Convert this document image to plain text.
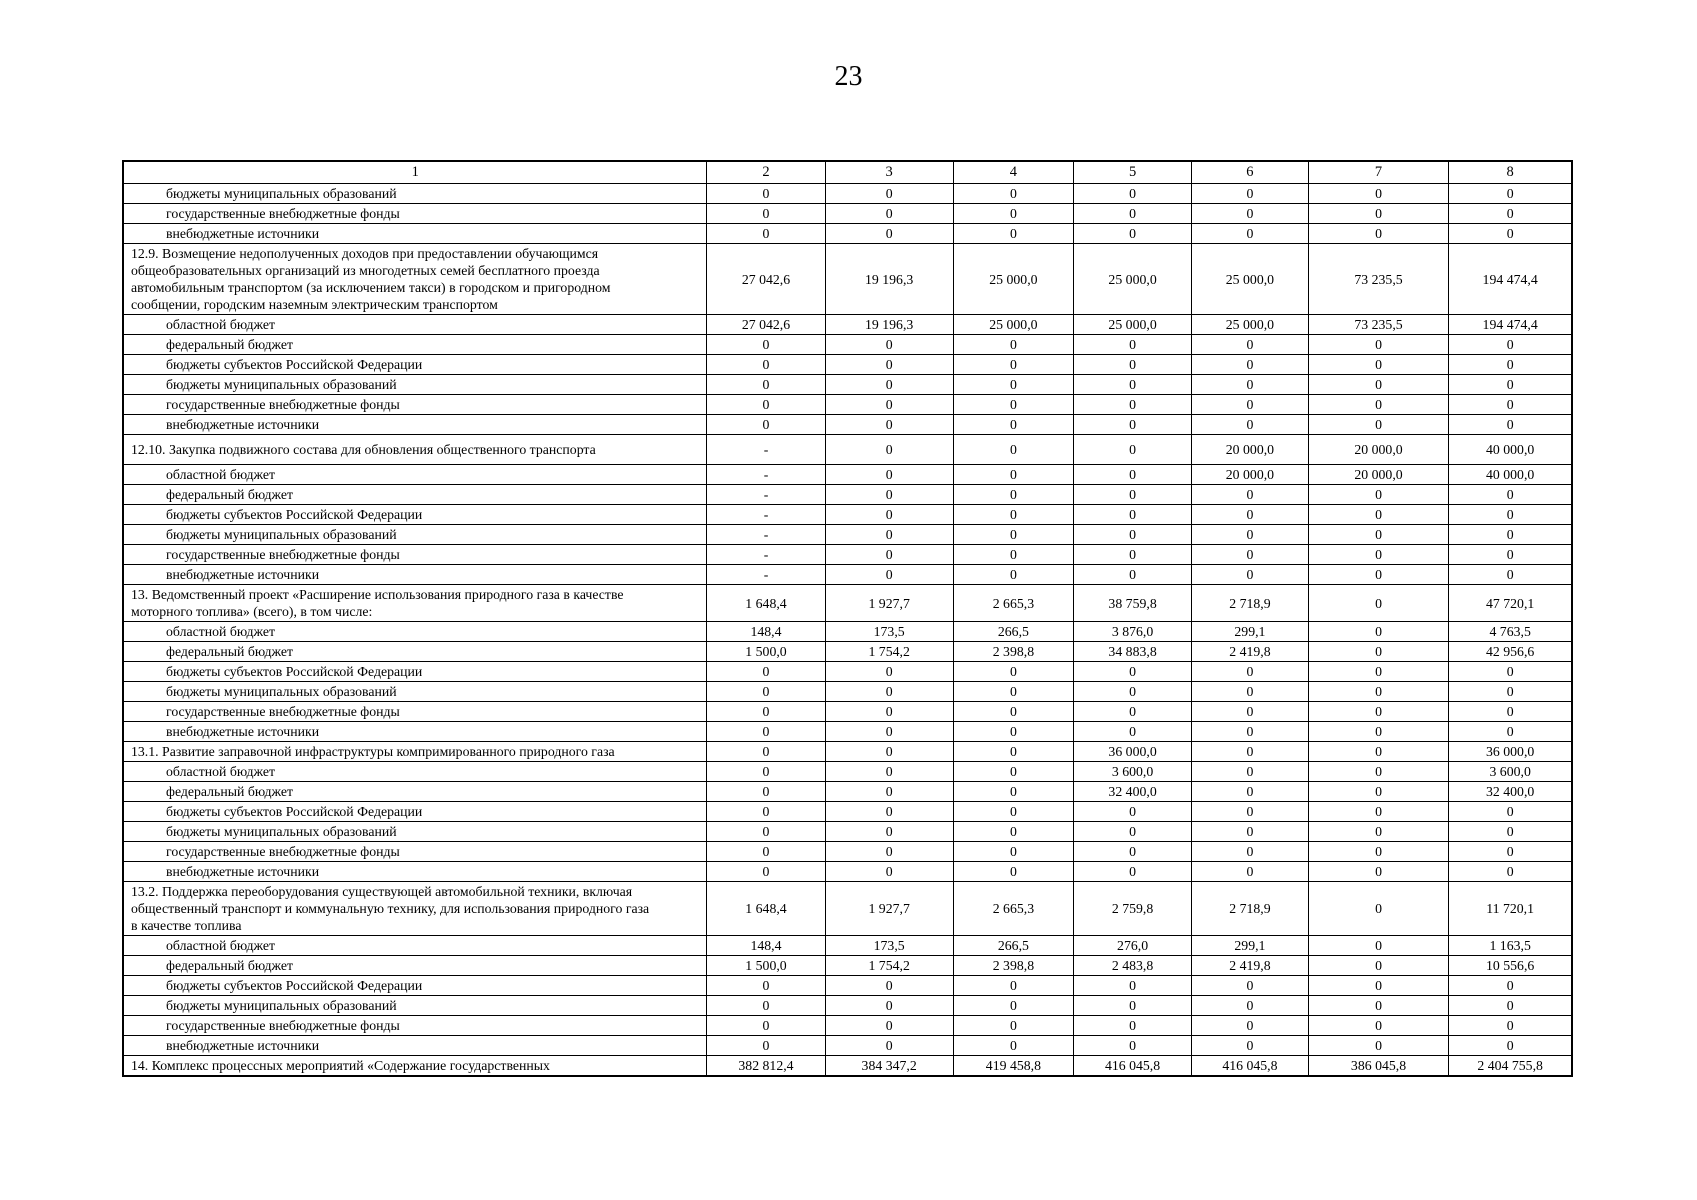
23
1	2	3	4	5	6	7	8
бюджеты муниципальных образований	0	0	0	0	0	0	0
государственные внебюджетные фонды	0	0	0	0	0	0	0
внебюджетные источники	0	0	0	0	0	0	0
12.9. Возмещение недополученных доходов при предоставлении обучающимся общеобразовательных организаций из многодетных семей бесплатного проезда автомобильным транспортом (за исключением такси) в городском и пригородном сообщении, городским наземным электрическим транспортом	27 042,6	19 196,3	25 000,0	25 000,0	25 000,0	73 235,5	194 474,4
областной бюджет	27 042,6	19 196,3	25 000,0	25 000,0	25 000,0	73 235,5	194 474,4
федеральный бюджет	0	0	0	0	0	0	0
бюджеты субъектов Российской Федерации	0	0	0	0	0	0	0
бюджеты муниципальных образований	0	0	0	0	0	0	0
государственные внебюджетные фонды	0	0	0	0	0	0	0
внебюджетные источники	0	0	0	0	0	0	0
12.10. Закупка подвижного состава для обновления общественного транспорта	-	0	0	0	20 000,0	20 000,0	40 000,0
областной бюджет	-	0	0	0	20 000,0	20 000,0	40 000,0
федеральный бюджет	-	0	0	0	0	0	0
бюджеты субъектов Российской Федерации	-	0	0	0	0	0	0
бюджеты муниципальных образований	-	0	0	0	0	0	0
государственные внебюджетные фонды	-	0	0	0	0	0	0
внебюджетные источники	-	0	0	0	0	0	0
13. Ведомственный проект «Расширение использования природного газа в качестве моторного топлива» (всего), в том числе:	1 648,4	1 927,7	2 665,3	38 759,8	2 718,9	0	47 720,1
областной бюджет	148,4	173,5	266,5	3 876,0	299,1	0	4 763,5
федеральный бюджет	1 500,0	1 754,2	2 398,8	34 883,8	2 419,8	0	42 956,6
бюджеты субъектов Российской Федерации	0	0	0	0	0	0	0
бюджеты муниципальных образований	0	0	0	0	0	0	0
государственные внебюджетные фонды	0	0	0	0	0	0	0
внебюджетные источники	0	0	0	0	0	0	0
13.1. Развитие заправочной инфраструктуры компримированного природного газа	0	0	0	36 000,0	0	0	36 000,0
областной бюджет	0	0	0	3 600,0	0	0	3 600,0
федеральный бюджет	0	0	0	32 400,0	0	0	32 400,0
бюджеты субъектов Российской Федерации	0	0	0	0	0	0	0
бюджеты муниципальных образований	0	0	0	0	0	0	0
государственные внебюджетные фонды	0	0	0	0	0	0	0
внебюджетные источники	0	0	0	0	0	0	0
13.2. Поддержка переоборудования существующей автомобильной техники, включая общественный транспорт и коммунальную технику, для использования природного газа в качестве топлива	1 648,4	1 927,7	2 665,3	2 759,8	2 718,9	0	11 720,1
областной бюджет	148,4	173,5	266,5	276,0	299,1	0	1 163,5
федеральный бюджет	1 500,0	1 754,2	2 398,8	2 483,8	2 419,8	0	10 556,6
бюджеты субъектов Российской Федерации	0	0	0	0	0	0	0
бюджеты муниципальных образований	0	0	0	0	0	0	0
государственные внебюджетные фонды	0	0	0	0	0	0	0
внебюджетные источники	0	0	0	0	0	0	0
14. Комплекс процессных мероприятий «Содержание государственных	382 812,4	384 347,2	419 458,8	416 045,8	416 045,8	386 045,8	2 404 755,8
